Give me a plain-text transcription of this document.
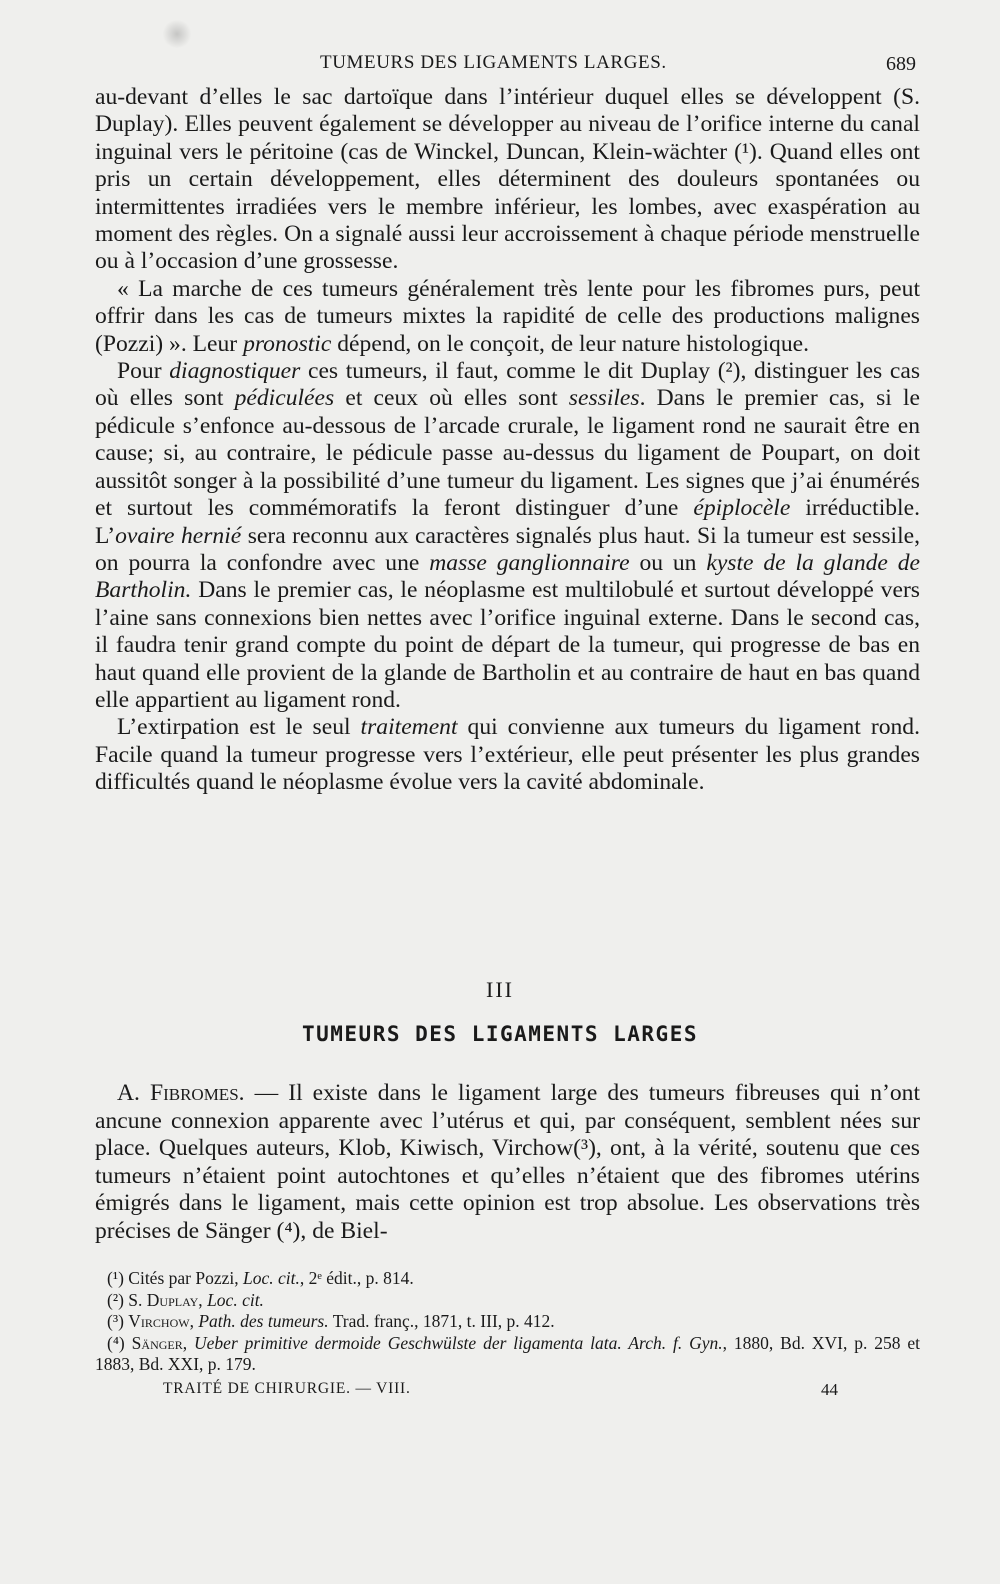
TUMEURS DES LIGAMENTS LARGES.	689

au-devant d’elles le sac dartoïque dans l’intérieur duquel elles se développent (S. Duplay). Elles peuvent également se développer au niveau de l’orifice interne du canal inguinal vers le péritoine (cas de Winckel, Duncan, Klein-wächter (¹). Quand elles ont pris un certain développement, elles déterminent des douleurs spontanées ou intermittentes irradiées vers le membre inférieur, les lombes, avec exaspération au moment des règles. On a signalé aussi leur accroissement à chaque période menstruelle ou à l’occasion d’une grossesse.

« La marche de ces tumeurs généralement très lente pour les fibromes purs, peut offrir dans les cas de tumeurs mixtes la rapidité de celle des productions malignes (Pozzi) ». Leur pronostic dépend, on le conçoit, de leur nature histologique.

Pour diagnostiquer ces tumeurs, il faut, comme le dit Duplay (²), distinguer les cas où elles sont pédiculées et ceux où elles sont sessiles. Dans le premier cas, si le pédicule s’enfonce au-dessous de l’arcade crurale, le ligament rond ne saurait être en cause; si, au contraire, le pédicule passe au-dessus du ligament de Poupart, on doit aussitôt songer à la possibilité d’une tumeur du ligament. Les signes que j’ai énumérés et surtout les commémoratifs la feront distinguer d’une épiplocèle irréductible. L’ovaire hernié sera reconnu aux caractères signalés plus haut. Si la tumeur est sessile, on pourra la confondre avec une masse ganglionnaire ou un kyste de la glande de Bartholin. Dans le premier cas, le néoplasme est multilobulé et surtout développé vers l’aine sans connexions bien nettes avec l’orifice inguinal externe. Dans le second cas, il faudra tenir grand compte du point de départ de la tumeur, qui progresse de bas en haut quand elle provient de la glande de Bartholin et au contraire de haut en bas quand elle appartient au ligament rond.

L’extirpation est le seul traitement qui convienne aux tumeurs du ligament rond. Facile quand la tumeur progresse vers l’extérieur, elle peut présenter les plus grandes difficultés quand le néoplasme évolue vers la cavité abdominale.

III
TUMEURS DES LIGAMENTS LARGES

A. Fibromes. — Il existe dans le ligament large des tumeurs fibreuses qui n’ont ancune connexion apparente avec l’utérus et qui, par conséquent, semblent nées sur place. Quelques auteurs, Klob, Kiwisch, Virchow(³), ont, à la vérité, soutenu que ces tumeurs n’étaient point autochtones et qu’elles n’étaient que des fibromes utérins émigrés dans le ligament, mais cette opinion est trop absolue. Les observations très précises de Sänger (⁴), de Biel-

(¹) Cités par Pozzi, Loc. cit., 2ᵉ édit., p. 814.
(²) S. Duplay, Loc. cit.
(³) Virchow, Path. des tumeurs. Trad. franç., 1871, t. III, p. 412.
(⁴) Sänger, Ueber primitive dermoide Geschwülste der ligamenta lata. Arch. f. Gyn., 1880, Bd. XVI, p. 258 et 1883, Bd. XXI, p. 179.
TRAITÉ DE CHIRURGIE. — VIII.	44
